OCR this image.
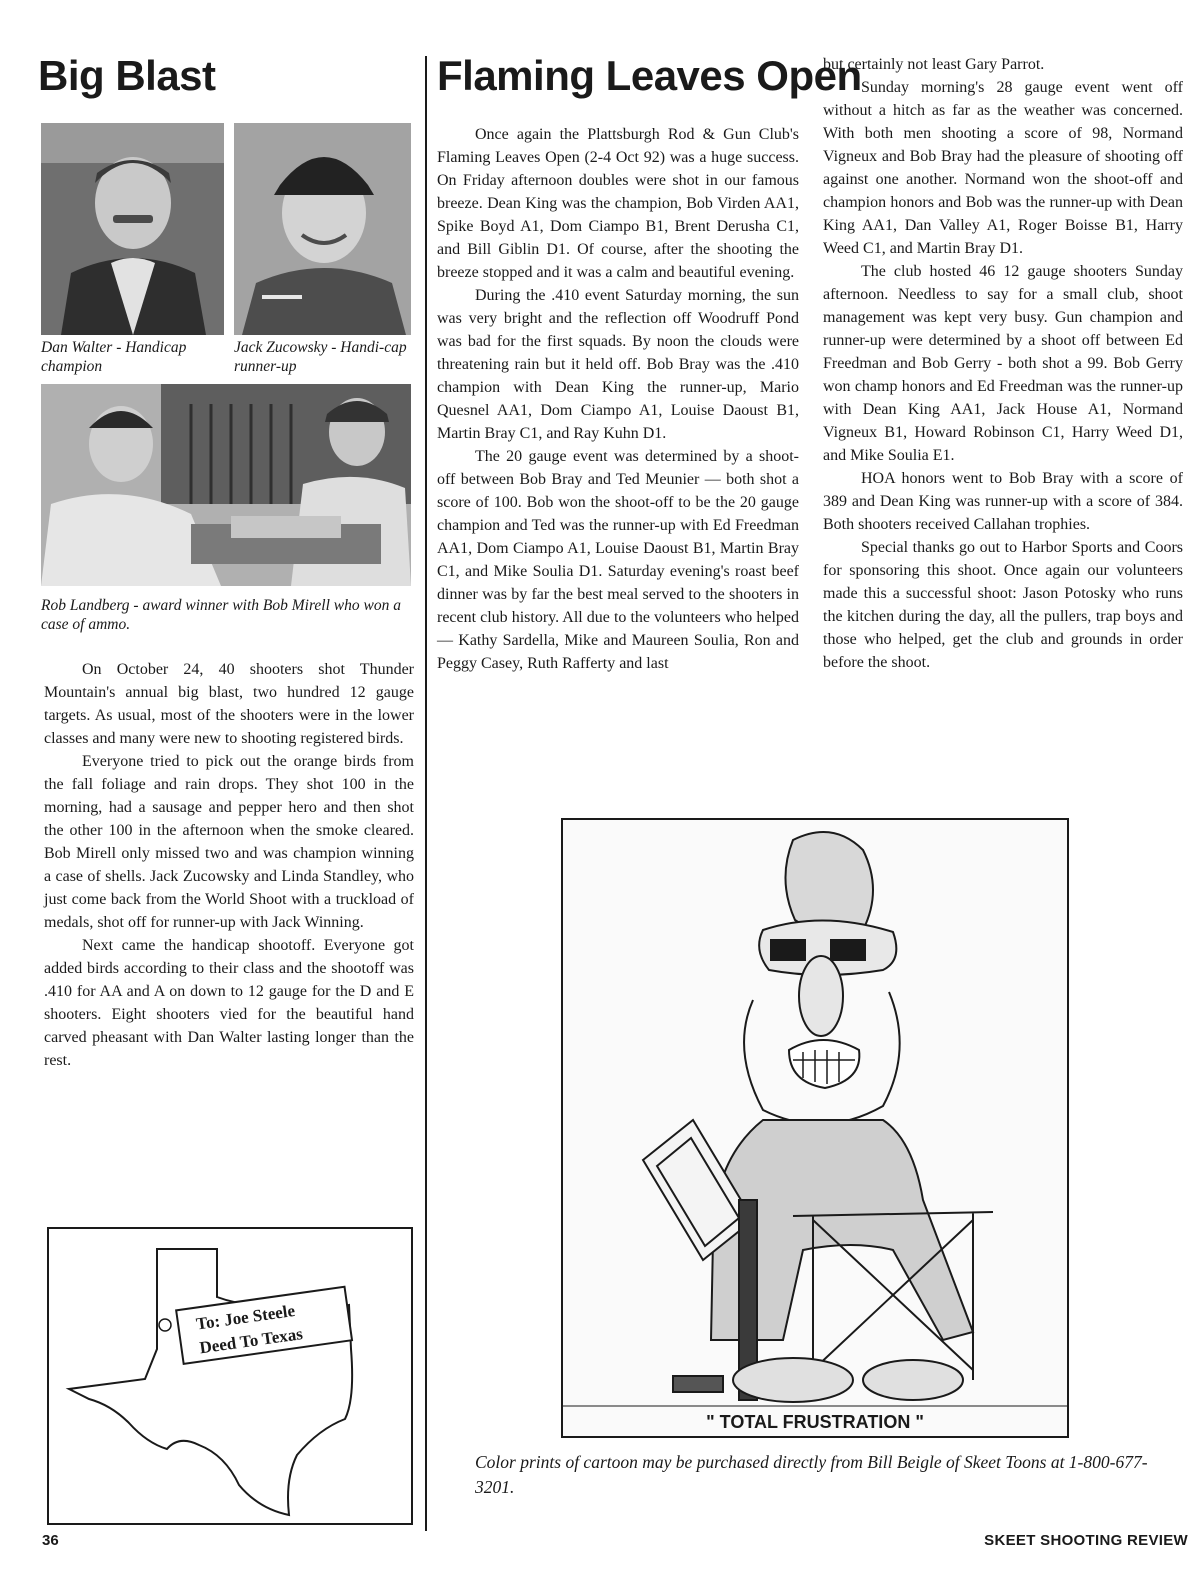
Big Blast

Dan Walter - Handicap champion

Jack Zucowsky - Handi-cap runner-up

Rob Landberg - award winner with Bob Mirell who won a case of ammo.

On October 24, 40 shooters shot Thunder Mountain's annual big blast, two hundred 12 gauge targets. As usual, most of the shooters were in the lower classes and many were new to shooting registered birds.

Everyone tried to pick out the orange birds from the fall foliage and rain drops. They shot 100 in the morning, had a sausage and pepper hero and then shot the other 100 in the afternoon when the smoke cleared. Bob Mirell only missed two and was champion winning a case of shells. Jack Zucowsky and Linda Standley, who just come back from the World Shoot with a truckload of medals, shot off for runner-up with Jack Winning.

Next came the handicap shootoff. Everyone got added birds according to their class and the shootoff was .410 for AA and A on down to 12 gauge for the D and E shooters. Eight shooters vied for the beautiful hand carved pheasant with Dan Walter lasting longer than the rest.

To: Joe Steele
Deed To Texas
Flaming Leaves Open

Once again the Plattsburgh Rod & Gun Club's Flaming Leaves Open (2-4 Oct 92) was a huge success. On Friday afternoon doubles were shot in our famous breeze. Dean King was the champion, Bob Virden AA1, Spike Boyd A1, Dom Ciampo B1, Brent Derusha C1, and Bill Giblin D1. Of course, after the shooting the breeze stopped and it was a calm and beautiful evening.

During the .410 event Saturday morning, the sun was very bright and the reflection off Woodruff Pond was bad for the first squads. By noon the clouds were threatening rain but it held off. Bob Bray was the .410 champion with Dean King the runner-up, Mario Quesnel AA1, Dom Ciampo A1, Louise Daoust B1, Martin Bray C1, and Ray Kuhn D1.

The 20 gauge event was determined by a shoot-off between Bob Bray and Ted Meunier — both shot a score of 100. Bob won the shoot-off to be the 20 gauge champion and Ted was the runner-up with Ed Freedman AA1, Dom Ciampo A1, Louise Daoust B1, Martin Bray C1, and Mike Soulia D1. Saturday evening's roast beef dinner was by far the best meal served to the shooters in recent club history. All due to the volunteers who helped — Kathy Sardella, Mike and Maureen Soulia, Ron and Peggy Casey, Ruth Rafferty and last

but certainly not least Gary Parrot.

Sunday morning's 28 gauge event went off without a hitch as far as the weather was concerned. With both men shooting a score of 98, Normand Vigneux and Bob Bray had the pleasure of shooting off against one another. Normand won the shoot-off and champion honors and Bob was the runner-up with Dean King AA1, Dan Valley A1, Roger Boisse B1, Harry Weed C1, and Martin Bray D1.

The club hosted 46 12 gauge shooters Sunday afternoon. Needless to say for a small club, shoot management was kept very busy. Gun champion and runner-up were determined by a shoot off between Ed Freedman and Bob Gerry - both shot a 99. Bob Gerry won champ honors and Ed Freedman was the runner-up with Dean King AA1, Jack House A1, Normand Vigneux B1, Howard Robinson C1, Harry Weed D1, and Mike Soulia E1.

HOA honors went to Bob Bray with a score of 389 and Dean King was runner-up with a score of 384. Both shooters received Callahan trophies.

Special thanks go out to Harbor Sports and Coors for sponsoring this shoot. Once again our volunteers made this a successful shoot: Jason Potosky who runs the kitchen during the day, all the pullers, trap boys and those who helped, get the club and grounds in order before the shoot.

" TOTAL FRUSTRATION "

Color prints of cartoon may be purchased directly from Bill Beigle of Skeet Toons at 1-800-677-3201.

36	SKEET SHOOTING REVIEW
